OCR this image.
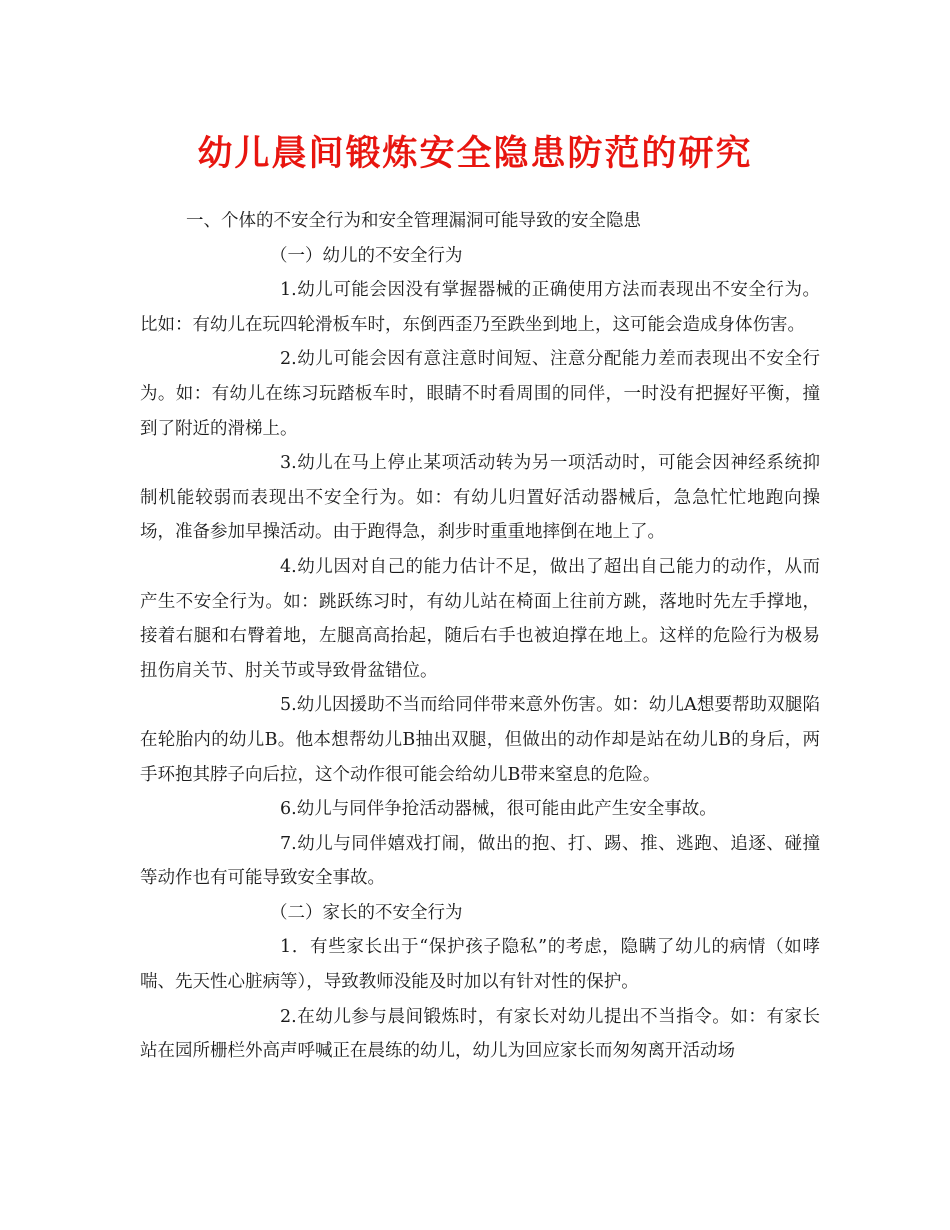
幼儿晨间锻炼安全隐患防范的研究

一、个体的不安全行为和安全管理漏洞可能导致的安全隐患

（一）幼儿的不安全行为

1.幼儿可能会因没有掌握器械的正确使用方法而表现出不安全行为。比如：有幼儿在玩四轮滑板车时，东倒西歪乃至跌坐到地上，这可能会造成身体伤害。

2.幼儿可能会因有意注意时间短、注意分配能力差而表现出不安全行为。如：有幼儿在练习玩踏板车时，眼睛不时看周围的同伴，一时没有把握好平衡，撞到了附近的滑梯上。

3.幼儿在马上停止某项活动转为另一项活动时，可能会因神经系统抑制机能较弱而表现出不安全行为。如：有幼儿归置好活动器械后，急急忙忙地跑向操场，准备参加早操活动。由于跑得急，刹步时重重地摔倒在地上了。

4.幼儿因对自己的能力估计不足，做出了超出自己能力的动作，从而产生不安全行为。如：跳跃练习时，有幼儿站在椅面上往前方跳，落地时先左手撑地，接着右腿和右臀着地，左腿高高抬起，随后右手也被迫撑在地上。这样的危险行为极易扭伤肩关节、肘关节或导致骨盆错位。

5.幼儿因援助不当而给同伴带来意外伤害。如：幼儿A想要帮助双腿陷在轮胎内的幼儿B。他本想帮幼儿B抽出双腿，但做出的动作却是站在幼儿B的身后，两手环抱其脖子向后拉，这个动作很可能会给幼儿B带来窒息的危险。

6.幼儿与同伴争抢活动器械，很可能由此产生安全事故。

7.幼儿与同伴嬉戏打闹，做出的抱、打、踢、推、逃跑、追逐、碰撞等动作也有可能导致安全事故。

（二）家长的不安全行为

1．有些家长出于“保护孩子隐私”的考虑，隐瞒了幼儿的病情（如哮喘、先天性心脏病等），导致教师没能及时加以有针对性的保护。

2.在幼儿参与晨间锻炼时，有家长对幼儿提出不当指令。如：有家长站在园所栅栏外高声呼喊正在晨练的幼儿，幼儿为回应家长而匆匆离开活动场
